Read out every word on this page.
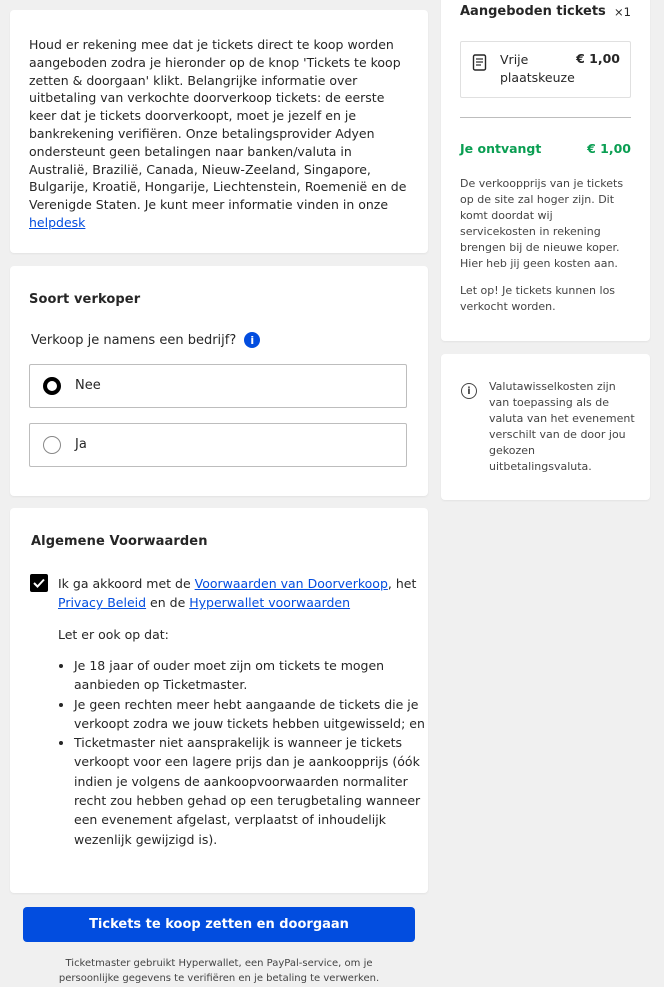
Houd er rekening mee dat je tickets direct te koop worden aangeboden zodra je hieronder op de knop 'Tickets te koop zetten & doorgaan' klikt. Belangrijke informatie over uitbetaling van verkochte doorverkoop tickets: de eerste keer dat je tickets doorverkoopt, moet je jezelf en je bankrekening verifiëren. Onze betalingsprovider Adyen ondersteunt geen betalingen naar banken/valuta in Australië, Brazilië, Canada, Nieuw-Zeeland, Singapore, Bulgarije, Kroatië, Hongarije, Liechtenstein, Roemenië en de Verenigde Staten. Je kunt meer informatie vinden in onze helpdesk

Soort verkoper
Verkoop je namens een bedrijf? i
Nee
Ja
Algemene Voorwaarden

Ik ga akkoord met de Voorwaarden van Doorverkoop, het Privacy Beleid en de Hyperwallet voorwaarden

Let er ook op dat:

• Je 18 jaar of ouder moet zijn om tickets te mogen aanbieden op Ticketmaster.
• Je geen rechten meer hebt aangaande de tickets die je verkoopt zodra we jouw tickets hebben uitgewisseld; en
• Ticketmaster niet aansprakelijk is wanneer je tickets verkoopt voor een lagere prijs dan je aankoopprijs (óók indien je volgens de aankoopvoorwaarden normaliter recht zou hebben gehad op een terugbetaling wanneer een evenement afgelast, verplaatst of inhoudelijk wezenlijk gewijzigd is).
Tickets te koop zetten en doorgaan

Ticketmaster gebruikt Hyperwallet, een PayPal-service, om je persoonlijke gegevens te verifiëren en je betaling te verwerken.

Aangeboden tickets ×1
Vrije plaatskeuze
€ 1,00
Je ontvangt	€ 1,00

De verkoopprijs van je tickets op de site zal hoger zijn. Dit komt doordat wij servicekosten in rekening brengen bij de nieuwe koper. Hier heb jij geen kosten aan.

Let op! Je tickets kunnen los verkocht worden.

i Valutawisselkosten zijn van toepassing als de valuta van het evenement verschilt van de door jou gekozen uitbetalingsvaluta.
